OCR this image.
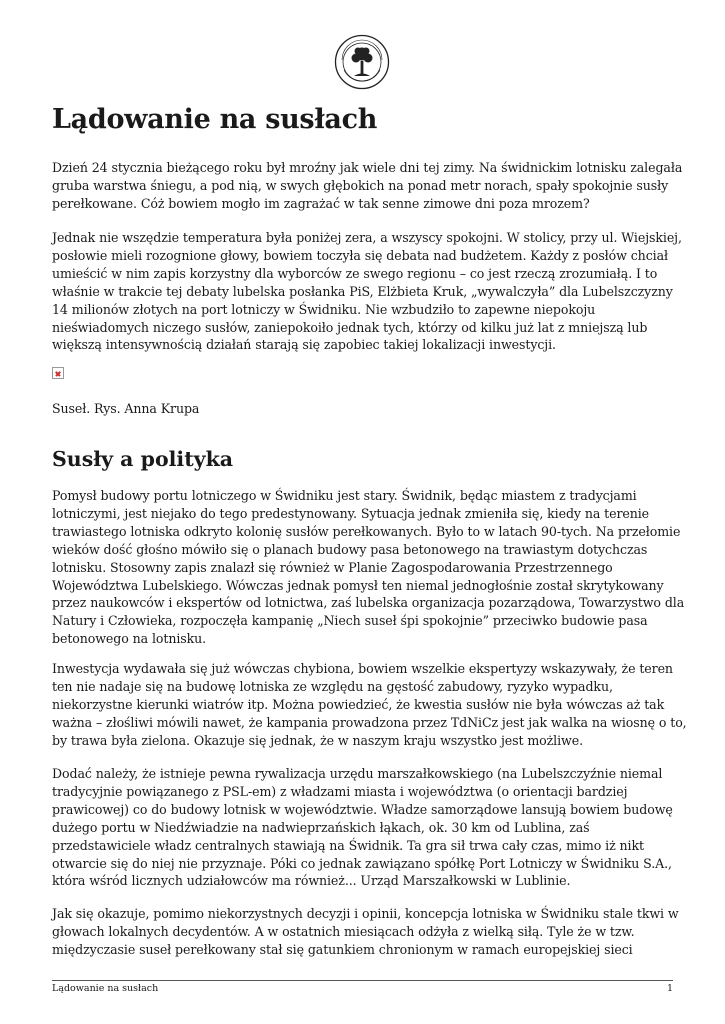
Lądowanie na susłach

Dzień 24 stycznia bieżącego roku był mroźny jak wiele dni tej zimy. Na świdnickim lotnisku zalegała
gruba warstwa śniegu, a pod nią, w swych głębokich na ponad metr norach, spały spokojnie susły
perełkowane. Cóż bowiem mogło im zagrażać w tak senne zimowe dni poza mrozem?

Jednak nie wszędzie temperatura była poniżej zera, a wszyscy spokojni. W stolicy, przy ul. Wiejskiej,
posłowie mieli rozognione głowy, bowiem toczyła się debata nad budżetem. Każdy z posłów chciał
umieścić w nim zapis korzystny dla wyborców ze swego regionu – co jest rzeczą zrozumiałą. I to
właśnie w trakcie tej debaty lubelska posłanka PiS, Elżbieta Kruk, „wywalczyła” dla Lubelszczyzny
14 milionów złotych na port lotniczy w Świdniku. Nie wzbudziło to zapewne niepokoju
nieświadomych niczego susłów, zaniepokoiło jednak tych, którzy od kilku już lat z mniejszą lub
większą intensywnością działań starają się zapobiec takiej lokalizacji inwestycji.

Suseł. Rys. Anna Krupa

Susły a polityka

Pomysł budowy portu lotniczego w Świdniku jest stary. Świdnik, będąc miastem z tradycjami
lotniczymi, jest niejako do tego predestynowany. Sytuacja jednak zmieniła się, kiedy na terenie
trawiastego lotniska odkryto kolonię susłów perełkowanych. Było to w latach 90-tych. Na przełomie
wieków dość głośno mówiło się o planach budowy pasa betonowego na trawiastym dotychczas
lotnisku. Stosowny zapis znalazł się również w Planie Zagospodarowania Przestrzennego
Województwa Lubelskiego. Wówczas jednak pomysł ten niemal jednogłośnie został skrytykowany
przez naukowców i ekspertów od lotnictwa, zaś lubelska organizacja pozarządowa, Towarzystwo dla
Natury i Człowieka, rozpoczęła kampanię „Niech suseł śpi spokojnie” przeciwko budowie pasa
betonowego na lotnisku.

Inwestycja wydawała się już wówczas chybiona, bowiem wszelkie ekspertyzy wskazywały, że teren
ten nie nadaje się na budowę lotniska ze względu na gęstość zabudowy, ryzyko wypadku,
niekorzystne kierunki wiatrów itp. Można powiedzieć, że kwestia susłów nie była wówczas aż tak
ważna – złośliwi mówili nawet, że kampania prowadzona przez TdNiCz jest jak walka na wiosnę o to,
by trawa była zielona. Okazuje się jednak, że w naszym kraju wszystko jest możliwe.

Dodać należy, że istnieje pewna rywalizacja urzędu marszałkowskiego (na Lubelszczyźnie niemal
tradycyjnie powiązanego z PSL-em) z władzami miasta i województwa (o orientacji bardziej
prawicowej) co do budowy lotnisk w województwie. Władze samorządowe lansują bowiem budowę
dużego portu w Niedźwiadzie na nadwieprzańskich łąkach, ok. 30 km od Lublina, zaś
przedstawiciele władz centralnych stawiają na Świdnik. Ta gra sił trwa cały czas, mimo iż nikt
otwarcie się do niej nie przyznaje. Póki co jednak zawiązano spółkę Port Lotniczy w Świdniku S.A.,
która wśród licznych udziałowców ma również... Urząd Marszałkowski w Lublinie.

Jak się okazuje, pomimo niekorzystnych decyzji i opinii, koncepcja lotniska w Świdniku stale tkwi w
głowach lokalnych decydentów. A w ostatnich miesiącach odżyła z wielką siłą. Tyle że w tzw.
międzyczasie suseł perełkowany stał się gatunkiem chronionym w ramach europejskiej sieci

Lądowanie na susłach	1
